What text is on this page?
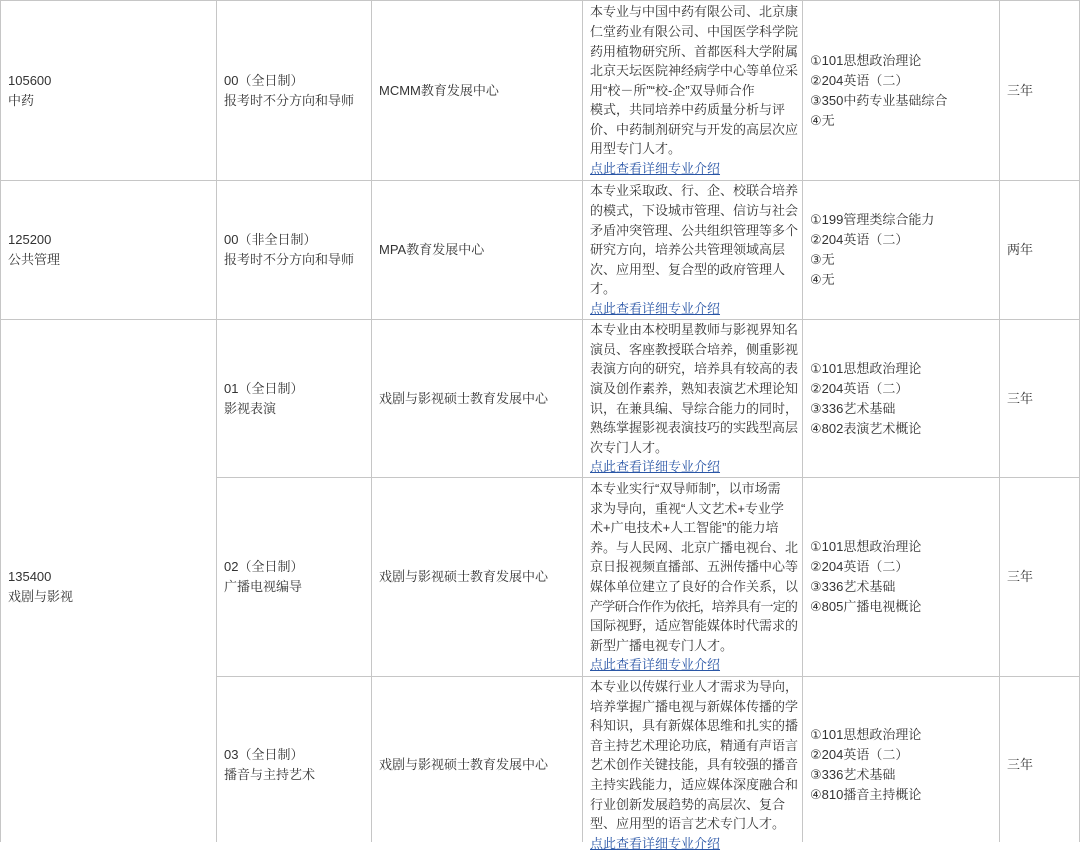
105600
中药
00（全日制）
报考时不分方向和导师
MCMM教育发展中心
本专业与中国中药有限公司、北京康
仁堂药业有限公司、中国医学科学院
药用植物研究所、首都医科大学附属
北京天坛医院神经病学中心等单位采
用“校－所”“校-企”双导师合作
模式，共同培养中药质量分析与评
价、中药制剂研究与开发的高层次应
用型专门人才。
点此查看详细专业介绍
①101思想政治理论
②204英语（二）
③350中药专业基础综合
④无
三年
125200
公共管理
00（非全日制）
报考时不分方向和导师
MPA教育发展中心
本专业采取政、行、企、校联合培养
的模式，下设城市管理、信访与社会
矛盾冲突管理、公共组织管理等多个
研究方向，培养公共管理领域高层
次、应用型、复合型的政府管理人
才。
点此查看详细专业介绍
①199管理类综合能力
②204英语（二）
③无
④无
两年
135400
戏剧与影视
01（全日制）
影视表演
戏剧与影视硕士教育发展中心
本专业由本校明星教师与影视界知名
演员、客座教授联合培养，侧重影视
表演方向的研究，培养具有较高的表
演及创作素养，熟知表演艺术理论知
识，在兼具编、导综合能力的同时，
熟练掌握影视表演技巧的实践型高层
次专门人才。
点此查看详细专业介绍
①101思想政治理论
②204英语（二）
③336艺术基础
④802表演艺术概论
三年
02（全日制）
广播电视编导
戏剧与影视硕士教育发展中心
本专业实行“双导师制”，以市场需
求为导向，重视“人文艺术+专业学
术+广电技术+人工智能”的能力培
养。与人民网、北京广播电视台、北
京日报视频直播部、五洲传播中心等
媒体单位建立了良好的合作关系，以
产学研合作作为依托，培养具有一定的
国际视野，适应智能媒体时代需求的
新型广播电视专门人才。
点此查看详细专业介绍
①101思想政治理论
②204英语（二）
③336艺术基础
④805广播电视概论
三年
03（全日制）
播音与主持艺术
戏剧与影视硕士教育发展中心
本专业以传媒行业人才需求为导向，
培养掌握广播电视与新媒体传播的学
科知识，具有新媒体思维和扎实的播
音主持艺术理论功底，精通有声语言
艺术创作关键技能，具有较强的播音
主持实践能力，适应媒体深度融合和
行业创新发展趋势的高层次、复合
型、应用型的语言艺术专门人才。
点此查看详细专业介绍
①101思想政治理论
②204英语（二）
③336艺术基础
④810播音主持概论
三年
